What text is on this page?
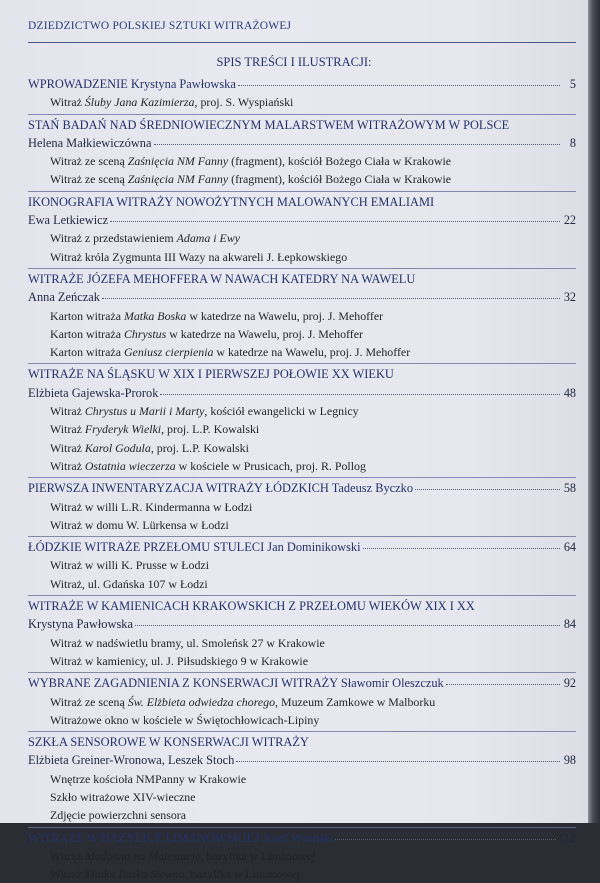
DZIEDZICTWO POLSKIEJ SZTUKI WITRAŻOWEJ
SPIS TREŚCI I ILUSTRACJI:
WPROWADZENIE Krystyna Pawłowska	5
Witraż Śluby Jana Kazimierza, proj. S. Wyspiański
STAŃ BADAŃ NAD ŚREDNIOWIECZNYM MALARSTWEM WITRAŻOWYM W POLSCE
Helena Małkiewiczówna	8
Witraż ze sceną Zaśnięcia NM Fanny (fragment), kościół Bożego Ciała w Krakowie
Witraż ze sceną Zaśnięcia NM Fanny (fragment), kościół Bożego Ciała w Krakowie
IKONOGRAFIA WITRAŻY NOWOŻYTNYCH MALOWANYCH EMALIAMI
Ewa Letkiewicz	22
Witraż z przedstawieniem Adama i Ewy
Witraż króla Zygmunta III Wazy na akwareli J. Łepkowskiego
WITRAŻE JÓZEFA MEHOFFERA W NAWACH KATEDRY NA WAWELU
Anna Zeńczak	32
Karton witraża Matka Boska w katedrze na Wawelu, proj. J. Mehoffer
Karton witraża Chrystus w katedrze na Wawelu, proj. J. Mehoffer
Karton witraża Geniusz cierpienia w katedrze na Wawelu, proj. J. Mehoffer
WITRAŻE NA ŚLĄSKU W XIX I PIERWSZEJ POŁOWIE XX WIEKU
Elżbieta Gajewska-Prorok	48
Witraż Chrystus u Marii i Marty, kościół ewangelicki w Legnicy
Witraż Fryderyk Wielki, proj. L.P. Kowalski
Witraż Karol Godula, proj. L.P. Kowalski
Witraż Ostatnia wieczerza w kościele w Prusicach, proj. R. Pollog
PIERWSZA INWENTARYZACJA WITRAŻY ŁÓDZKICH Tadeusz Byczko	58
Witraż w willi L.R. Kindermanna w Łodzi
Witraż w domu W. Lürkensa w Łodzi
ŁÓDZKIE WITRAŻE PRZEŁOMU STULECI Jan Dominikowski	64
Witraż w willi K. Prusse w Łodzi
Witraż, ul. Gdańska 107 w Łodzi
WITRAŻE W KAMIENICACH KRAKOWSKICH Z PRZEŁOMU WIEKÓW XIX I XX
Krystyna Pawłowska	84
Witraż w nadświetlu bramy, ul. Smoleńsk 27 w Krakowie
Witraż w kamienicy, ul. J. Piłsudskiego 9 w Krakowie
WYBRANE ZAGADNIENIA Z KONSERWACJI WITRAŻY Sławomir Oleszczuk	92
Witraż ze sceną Św. Elżbieta odwiedza chorego, Muzeum Zamkowe w Malborku
Witrażowe okno w kościele w Świętochłowicach-Lipiny
SZKŁA SENSOROWE W KONSERWACJI WITRAŻY
Elżbieta Greiner-Wronowa, Leszek Stoch	98
Wnętrze kościoła NMPanny w Krakowie
Szkło witrażowe XIV-wieczne
Zdjęcie powierzchni sensora
WITRAŻE W BAZYLICE LIMANOWSKIEJ Józef Wroński	112
Witraż Madonna na Majestacie, bazylika w Limanowej
Witraż Matka Boska Siewna, bazylika w Limanowej
